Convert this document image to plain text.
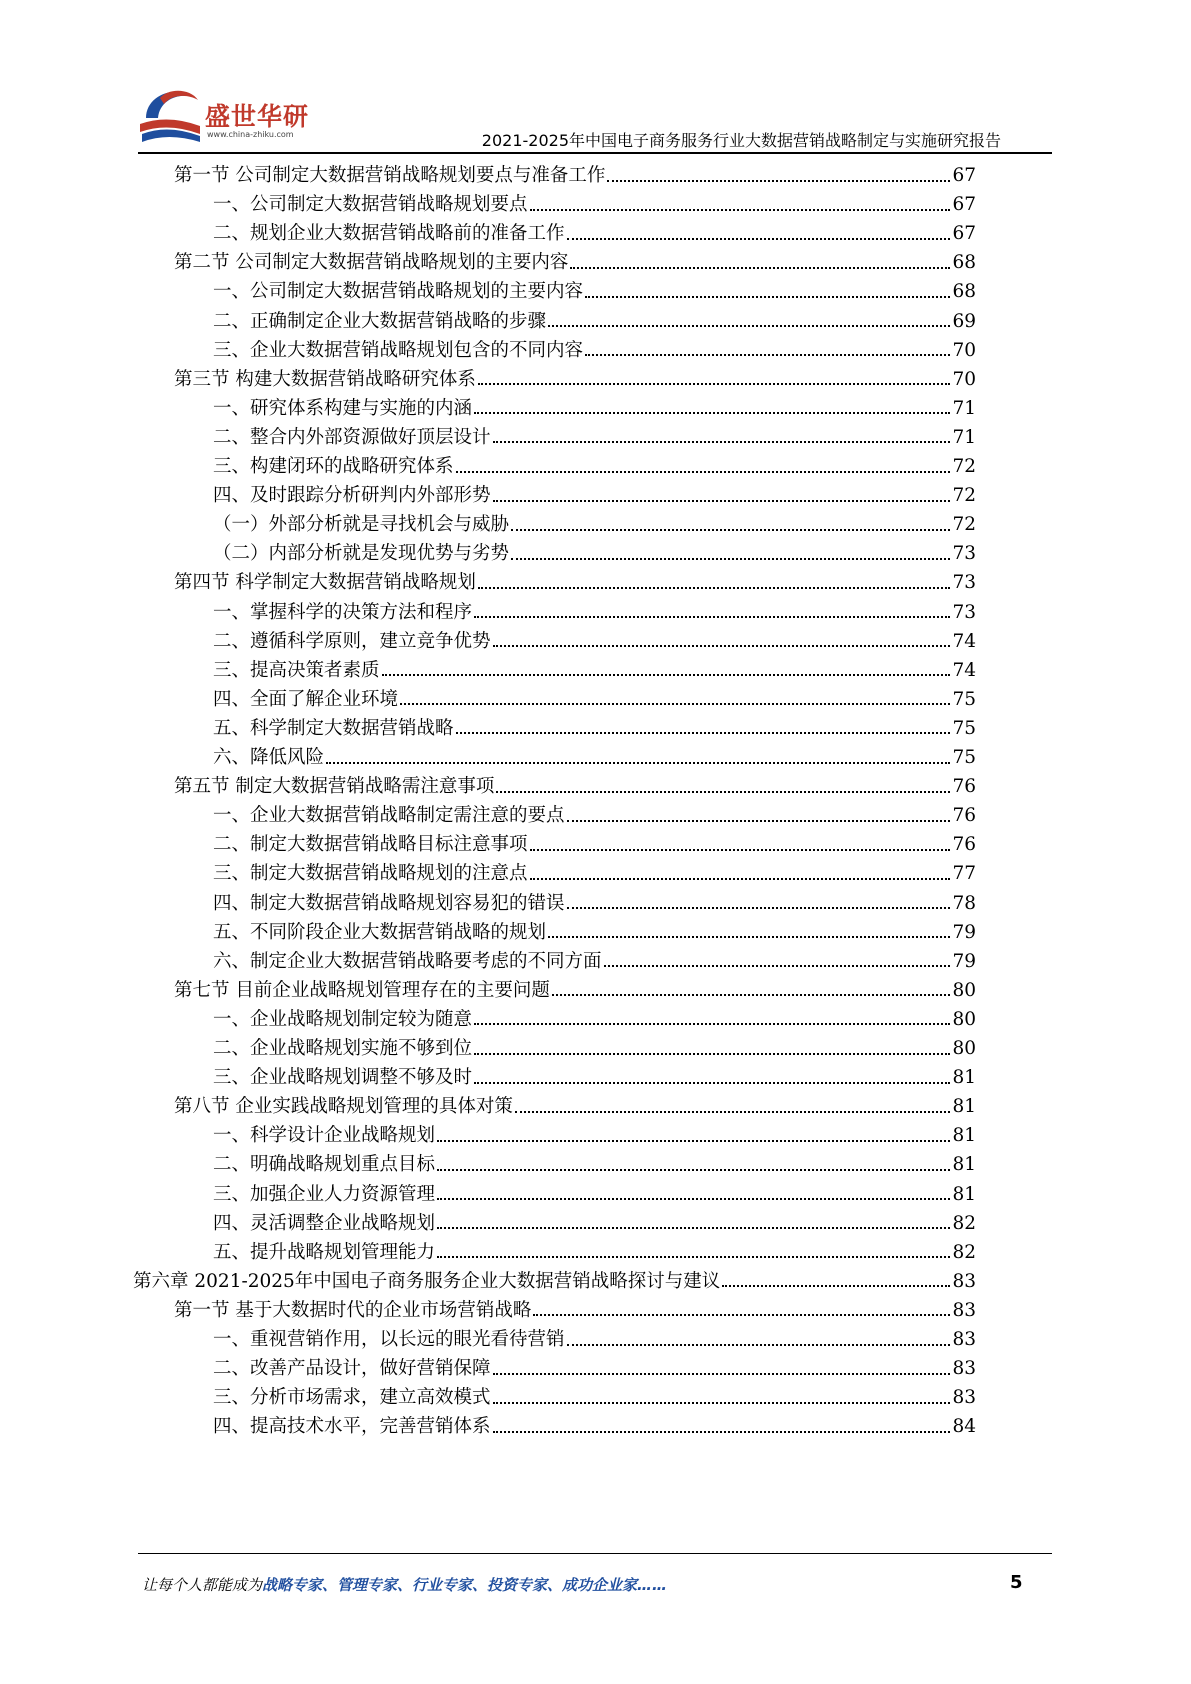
盛世华研
www.china-zhiku.com	2021-2025年中国电子商务服务行业大数据营销战略制定与实施研究报告
第一节 公司制定大数据营销战略规划要点与准备工作	67
一、公司制定大数据营销战略规划要点	67
二、规划企业大数据营销战略前的准备工作	67
第二节 公司制定大数据营销战略规划的主要内容	68
一、公司制定大数据营销战略规划的主要内容	68
二、正确制定企业大数据营销战略的步骤	69
三、企业大数据营销战略规划包含的不同内容	70
第三节 构建大数据营销战略研究体系	70
一、研究体系构建与实施的内涵	71
二、整合内外部资源做好顶层设计	71
三、构建闭环的战略研究体系	72
四、及时跟踪分析研判内外部形势	72
（一）外部分析就是寻找机会与威胁	72
（二）内部分析就是发现优势与劣势	73
第四节 科学制定大数据营销战略规划	73
一、掌握科学的决策方法和程序	73
二、遵循科学原则，建立竞争优势	74
三、提高决策者素质	74
四、全面了解企业环境	75
五、科学制定大数据营销战略	75
六、降低风险	75
第五节 制定大数据营销战略需注意事项	76
一、企业大数据营销战略制定需注意的要点	76
二、制定大数据营销战略目标注意事项	76
三、制定大数据营销战略规划的注意点	77
四、制定大数据营销战略规划容易犯的错误	78
五、不同阶段企业大数据营销战略的规划	79
六、制定企业大数据营销战略要考虑的不同方面	79
第七节 目前企业战略规划管理存在的主要问题	80
一、企业战略规划制定较为随意	80
二、企业战略规划实施不够到位	80
三、企业战略规划调整不够及时	81
第八节 企业实践战略规划管理的具体对策	81
一、科学设计企业战略规划	81
二、明确战略规划重点目标	81
三、加强企业人力资源管理	81
四、灵活调整企业战略规划	82
五、提升战略规划管理能力	82
第六章 2021-2025年中国电子商务服务企业大数据营销战略探讨与建议	83
第一节 基于大数据时代的企业市场营销战略	83
一、重视营销作用，以长远的眼光看待营销	83
二、改善产品设计，做好营销保障	83
三、分析市场需求，建立高效模式	83
四、提高技术水平，完善营销体系	84
让每个人都能成为战略专家、管理专家、行业专家、投资专家、成功企业家……	5
